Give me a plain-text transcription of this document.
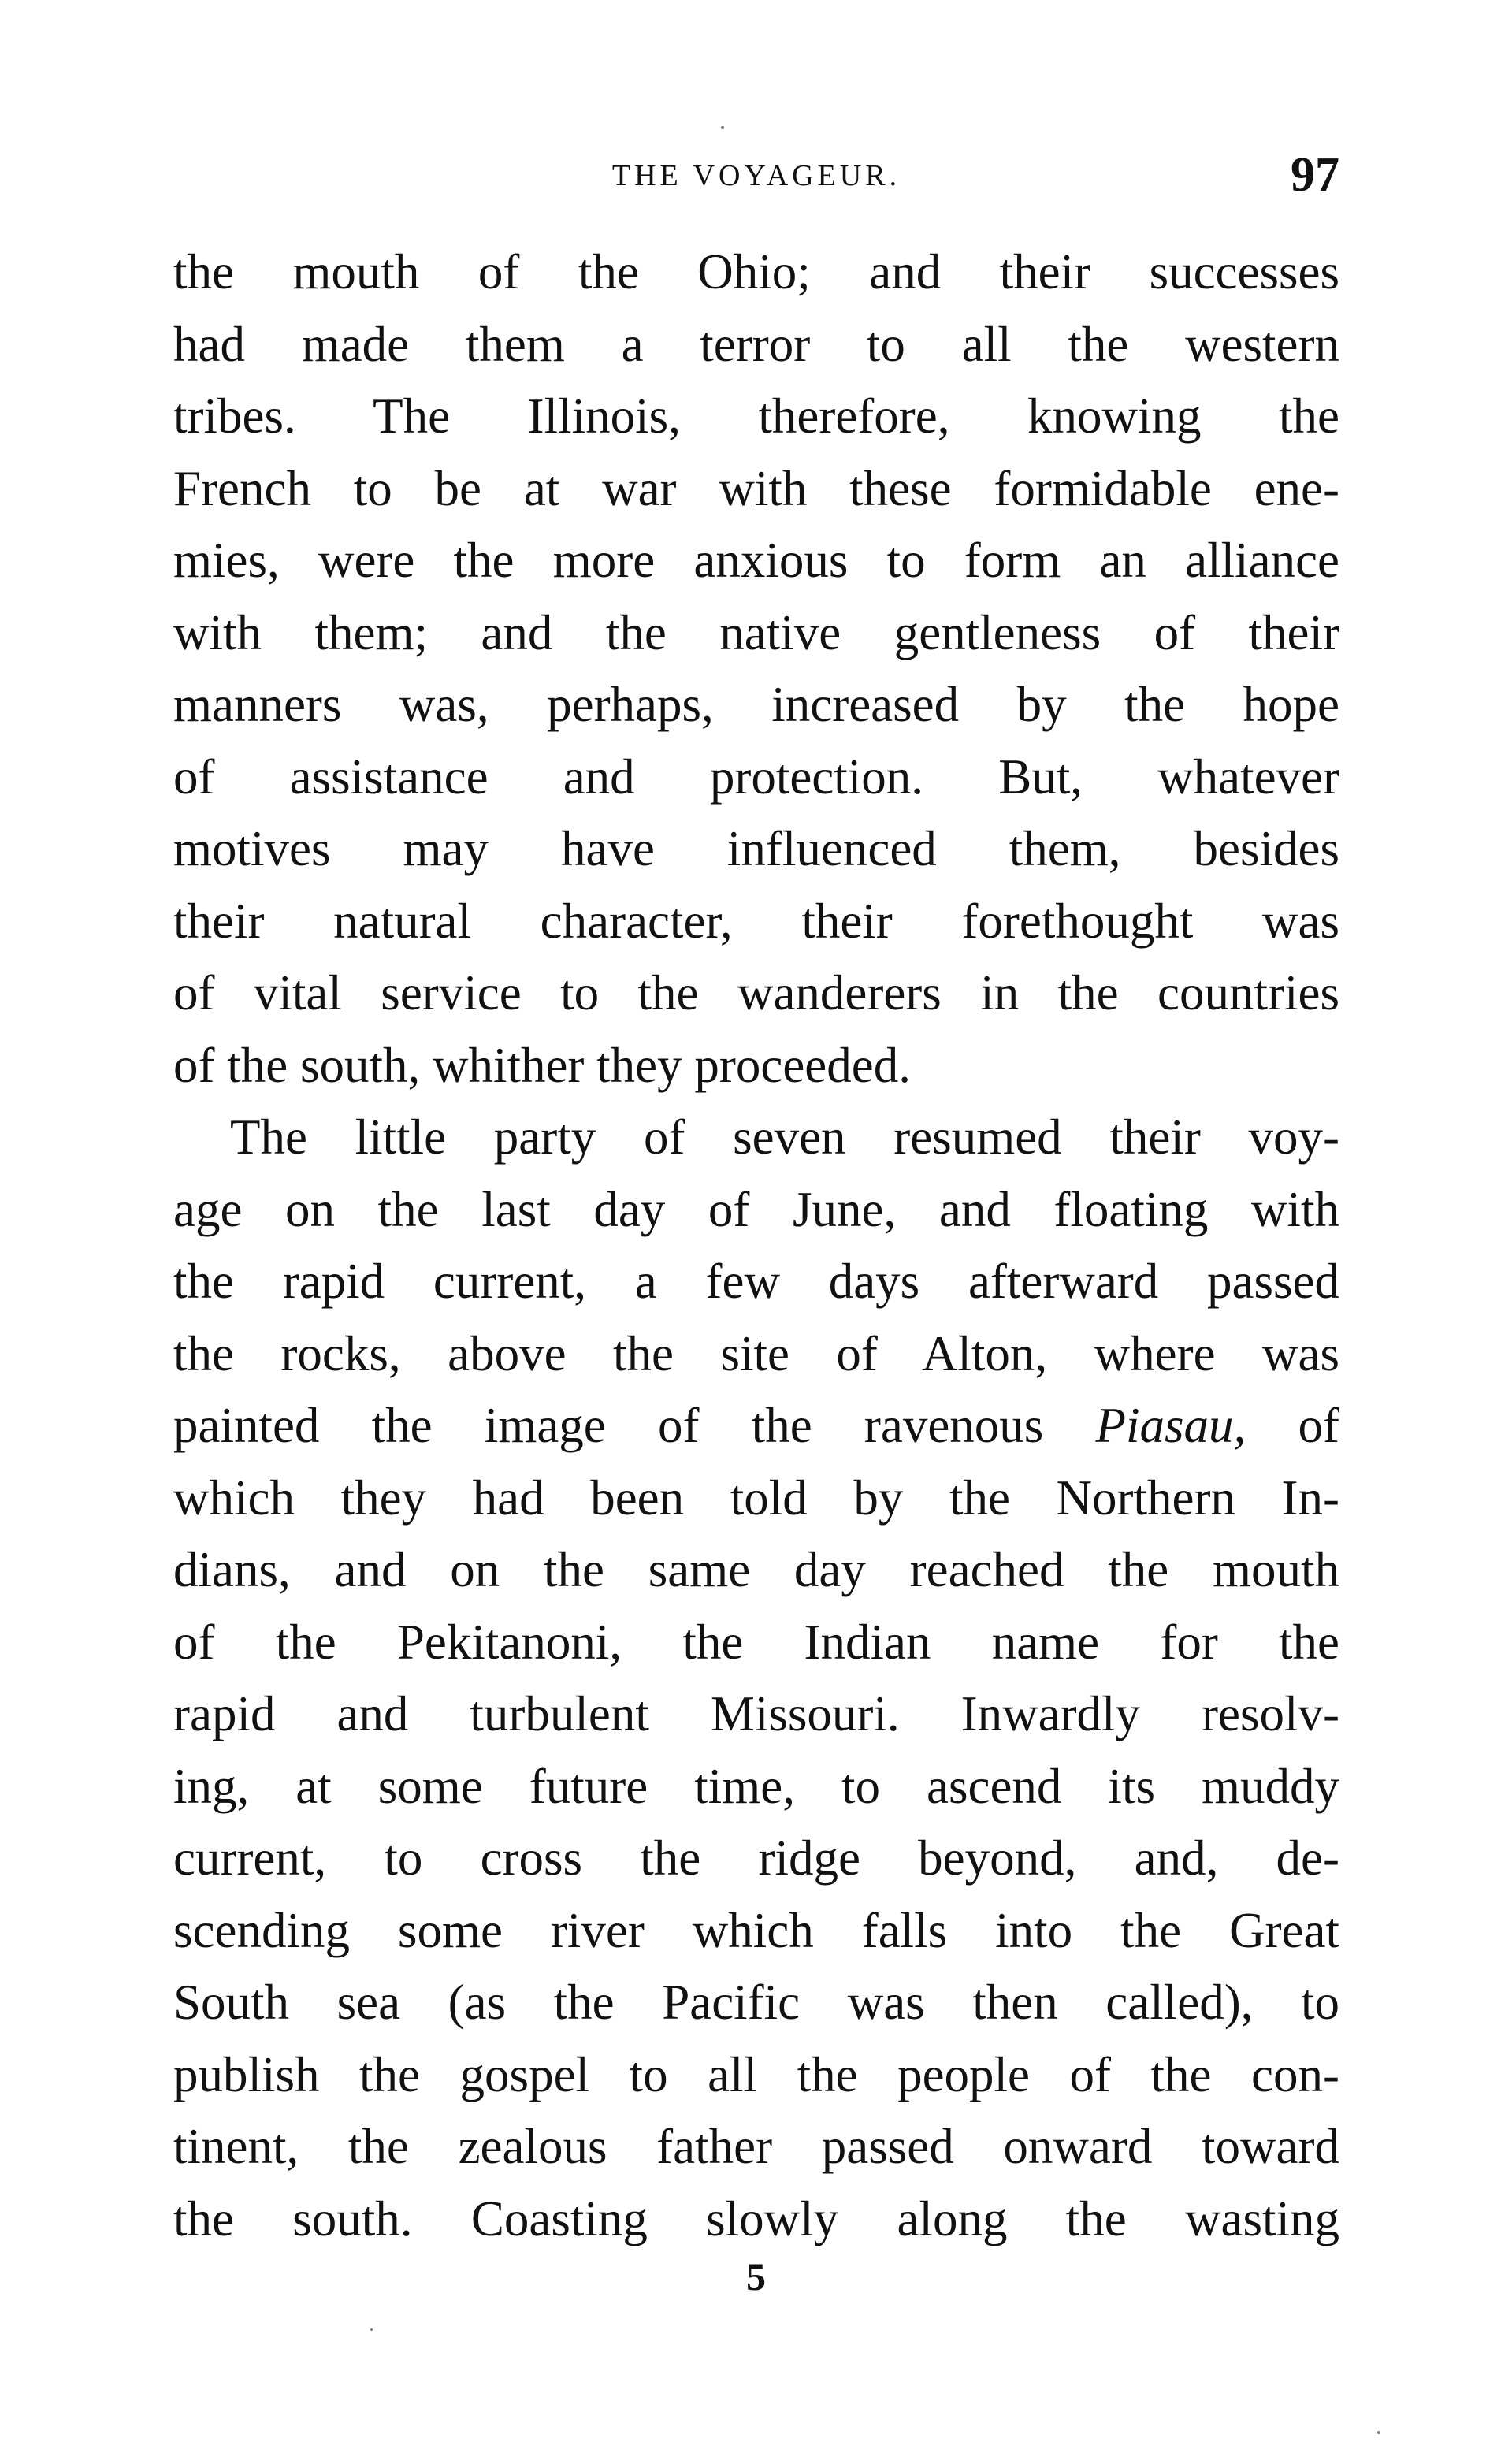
THE VOYAGEUR.	97
the mouth of the Ohio; and their successes
had made them a terror to all the western
tribes. The Illinois, therefore, knowing the
French to be at war with these formidable ene-
mies, were the more anxious to form an alliance
with them; and the native gentleness of their
manners was, perhaps, increased by the hope
of assistance and protection. But, whatever
motives may have influenced them, besides
their natural character, their forethought was
of vital service to the wanderers in the countries
of the south, whither they proceeded.
The little party of seven resumed their voy-
age on the last day of June, and floating with
the rapid current, a few days afterward passed
the rocks, above the site of Alton, where was
painted the image of the ravenous Piasau, of
which they had been told by the Northern In-
dians, and on the same day reached the mouth
of the Pekitanoni, the Indian name for the
rapid and turbulent Missouri. Inwardly resolv-
ing, at some future time, to ascend its muddy
current, to cross the ridge beyond, and, de-
scending some river which falls into the Great
South sea (as the Pacific was then called), to
publish the gospel to all the people of the con-
tinent, the zealous father passed onward toward
the south. Coasting slowly along the wasting
5
